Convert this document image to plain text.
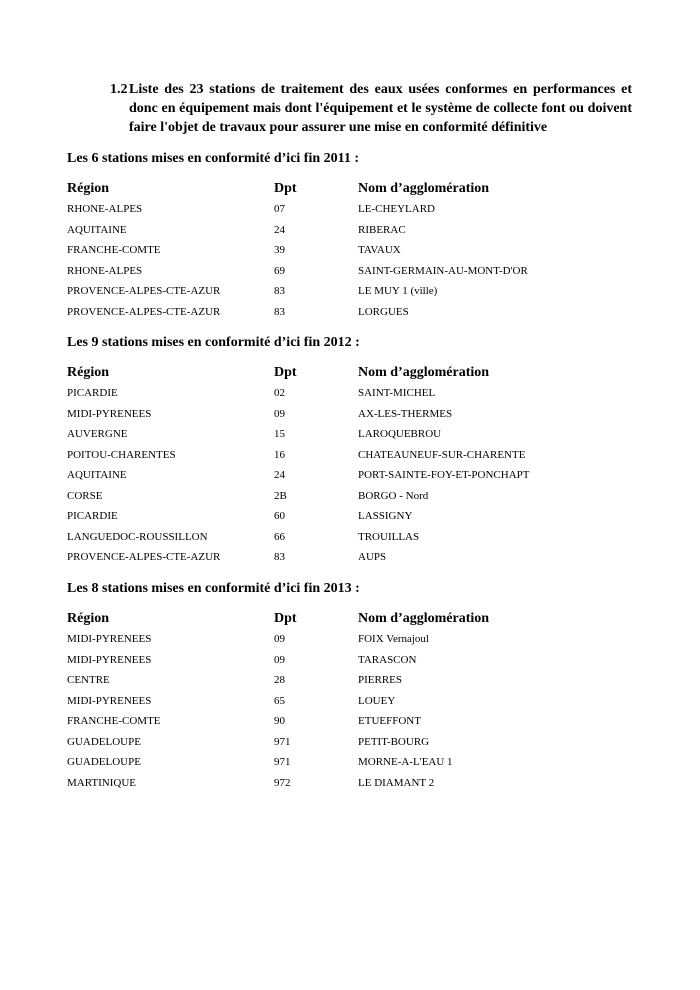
1.2 Liste des 23 stations de traitement des eaux usées conformes en performances et donc en équipement mais dont l'équipement et le système de collecte font ou doivent faire l'objet de travaux pour assurer une mise en conformité définitive
Les 6 stations mises en conformité d’ici fin 2011 :
Région	Dpt	Nom d’agglomération
RHONE-ALPES	07	LE-CHEYLARD
AQUITAINE	24	RIBERAC
FRANCHE-COMTE	39	TAVAUX
RHONE-ALPES	69	SAINT-GERMAIN-AU-MONT-D'OR
PROVENCE-ALPES-CTE-AZUR	83	LE MUY 1 (ville)
PROVENCE-ALPES-CTE-AZUR	83	LORGUES
Les 9 stations mises en conformité d’ici fin 2012 :
Région	Dpt	Nom d’agglomération
PICARDIE	02	SAINT-MICHEL
MIDI-PYRENEES	09	AX-LES-THERMES
AUVERGNE	15	LAROQUEBROU
POITOU-CHARENTES	16	CHATEAUNEUF-SUR-CHARENTE
AQUITAINE	24	PORT-SAINTE-FOY-ET-PONCHAPT
CORSE	2B	BORGO - Nord
PICARDIE	60	LASSIGNY
LANGUEDOC-ROUSSILLON	66	TROUILLAS
PROVENCE-ALPES-CTE-AZUR	83	AUPS
Les 8 stations mises en conformité d’ici fin 2013 :
Région	Dpt	Nom d’agglomération
MIDI-PYRENEES	09	FOIX Vernajoul
MIDI-PYRENEES	09	TARASCON
CENTRE	28	PIERRES
MIDI-PYRENEES	65	LOUEY
FRANCHE-COMTE	90	ETUEFFONT
GUADELOUPE	971	PETIT-BOURG
GUADELOUPE	971	MORNE-A-L'EAU 1
MARTINIQUE	972	LE DIAMANT 2
